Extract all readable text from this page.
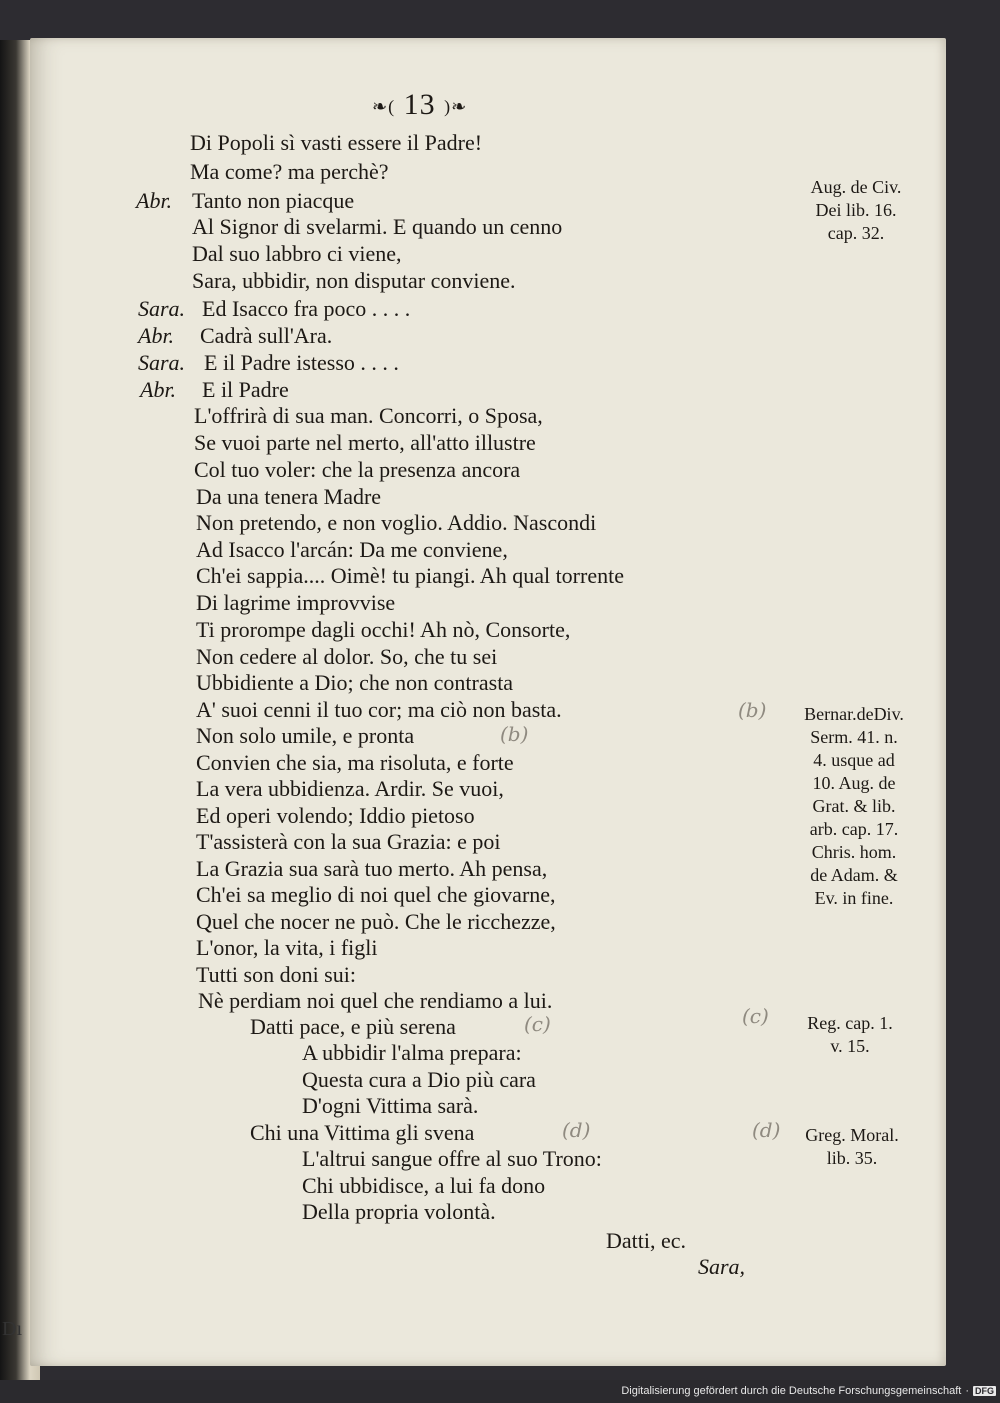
Dı
❧( 13 )❧
Abr.
Sara.
Abr.
Sara.
Abr.
Di Popoli sì vasti essere il Padre!
Ma come? ma perchè?
Tanto non piacque
Al Signor di svelarmi. E quando un cenno
Dal suo labbro ci viene,
Sara, ubbidir, non disputar conviene.
Ed Isacco fra poco . . . .
Cadrà sull'Ara.
E il Padre istesso . . . .
E il Padre
L'offrirà di sua man. Concorri, o Sposa,
Se vuoi parte nel merto, all'atto illustre
Col tuo voler: che la presenza ancora
Da una tenera Madre
Non pretendo, e non voglio. Addio. Nascondi
Ad Isacco l'arcán: Da me conviene,
Ch'ei sappia.... Oimè! tu piangi. Ah qual torrente
Di lagrime improvvise
Ti prorompe dagli occhi! Ah nò, Consorte,
Non cedere al dolor. So, che tu sei
Ubbidiente a Dio; che non contrasta
A' suoi cenni il tuo cor; ma ciò non basta.
Non solo umile, e pronta
Convien che sia, ma risoluta, e forte
La vera ubbidienza. Ardir. Se vuoi,
Ed operi volendo; Iddio pietoso
T'assisterà con la sua Grazia: e poi
La Grazia sua sarà tuo merto. Ah pensa,
Ch'ei sa meglio di noi quel che giovarne,
Quel che nocer ne può. Che le ricchezze,
L'onor, la vita, i figli
Tutti son doni sui:
Nè perdiam noi quel che rendiamo a lui.
Datti pace, e più serena
A ubbidir l'alma prepara:
Questa cura a Dio più cara
D'ogni Vittima sarà.
Chi una Vittima gli svena
L'altrui sangue offre al suo Trono:
Chi ubbidisce, a lui fa dono
Della propria volontà.
Datti, ec.
Sara,
Aug. de Civ.
Dei lib. 16.
cap. 32.
Bernar.deDiv.
Serm. 41. n.
4. usque ad
10. Aug. de
Grat. & lib.
arb. cap. 17.
Chris. hom.
de Adam. &
Ev. in fine.
Reg. cap. 1.
v. 15.
Greg. Moral.
lib. 35.
(b)
(b)
(c)	(c)
(d)	(d)
Digitalisierung gefördert durch die Deutsche Forschungsgemeinschaft · DFG
